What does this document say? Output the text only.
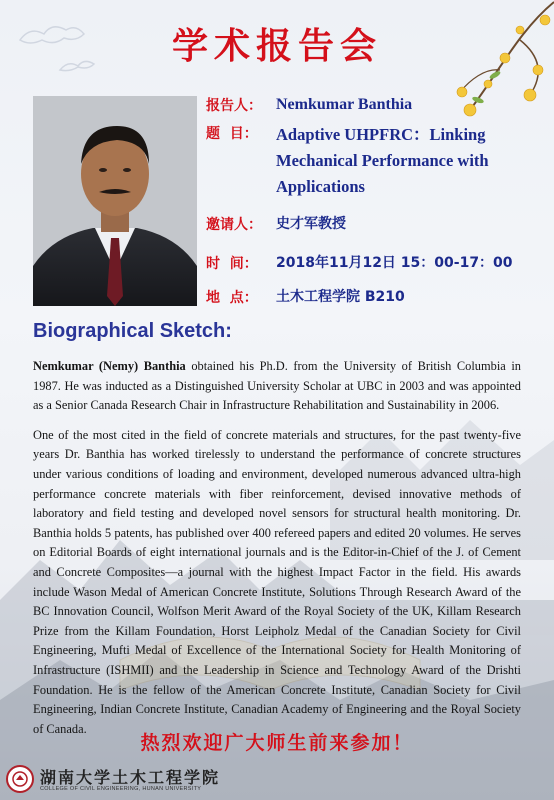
学术报告会
报告人： Nemkumar Banthia
题  目：	Adaptive UHPFRC：Linking Mechanical Performance with Applications
邀请人：	史才军教授
时  间：	2018年11月12日 15：00-17：00
地  点：	土木工程学院 B210
Biographical Sketch:

Nemkumar (Nemy) Banthia obtained his Ph.D. from the University of British Columbia in 1987. He was inducted as a Distinguished University Scholar at UBC in 2003 and was appointed as a Senior Canada Research Chair in Infrastructure Rehabilitation and Sustainability in 2006.

One of the most cited in the field of concrete materials and structures, for the past twenty-five years Dr. Banthia has worked tirelessly to understand the performance of concrete structures under various conditions of loading and environment, developed numerous advanced ultra-high performance concrete materials with fiber reinforcement, devised innovative methods of laboratory and field testing and developed novel sensors for structural health monitoring. Dr. Banthia holds 5 patents, has published over 400 refereed papers and edited 20 volumes. He serves on Editorial Boards of eight international journals and is the Editor-in-Chief of the J. of Cement and Concrete Composites—a journal with the highest Impact Factor in the field. His awards include Wason Medal of American Concrete Institute, Solutions Through Research Award of the BC Innovation Council, Wolfson Merit Award of the Royal Society of the UK, Killam Research Prize from the Killam Foundation, Horst Leipholz Medal of the Canadian Society for Civil Engineering, Mufti Medal of Excellence of the International Society for Health Monitoring of Infrastructure (ISHMII) and the Leadership in Science and Technology Award of the Drishti Foundation. He is the fellow of the American Concrete Institute, Canadian Society for Civil Engineering, Indian Concrete Institute, Canadian Academy of Engineering and the Royal Society of Canada.

热烈欢迎广大师生前来参加！
湖南大学土木工程学院
COLLEGE OF CIVIL ENGINEERING, HUNAN UNIVERSITY
